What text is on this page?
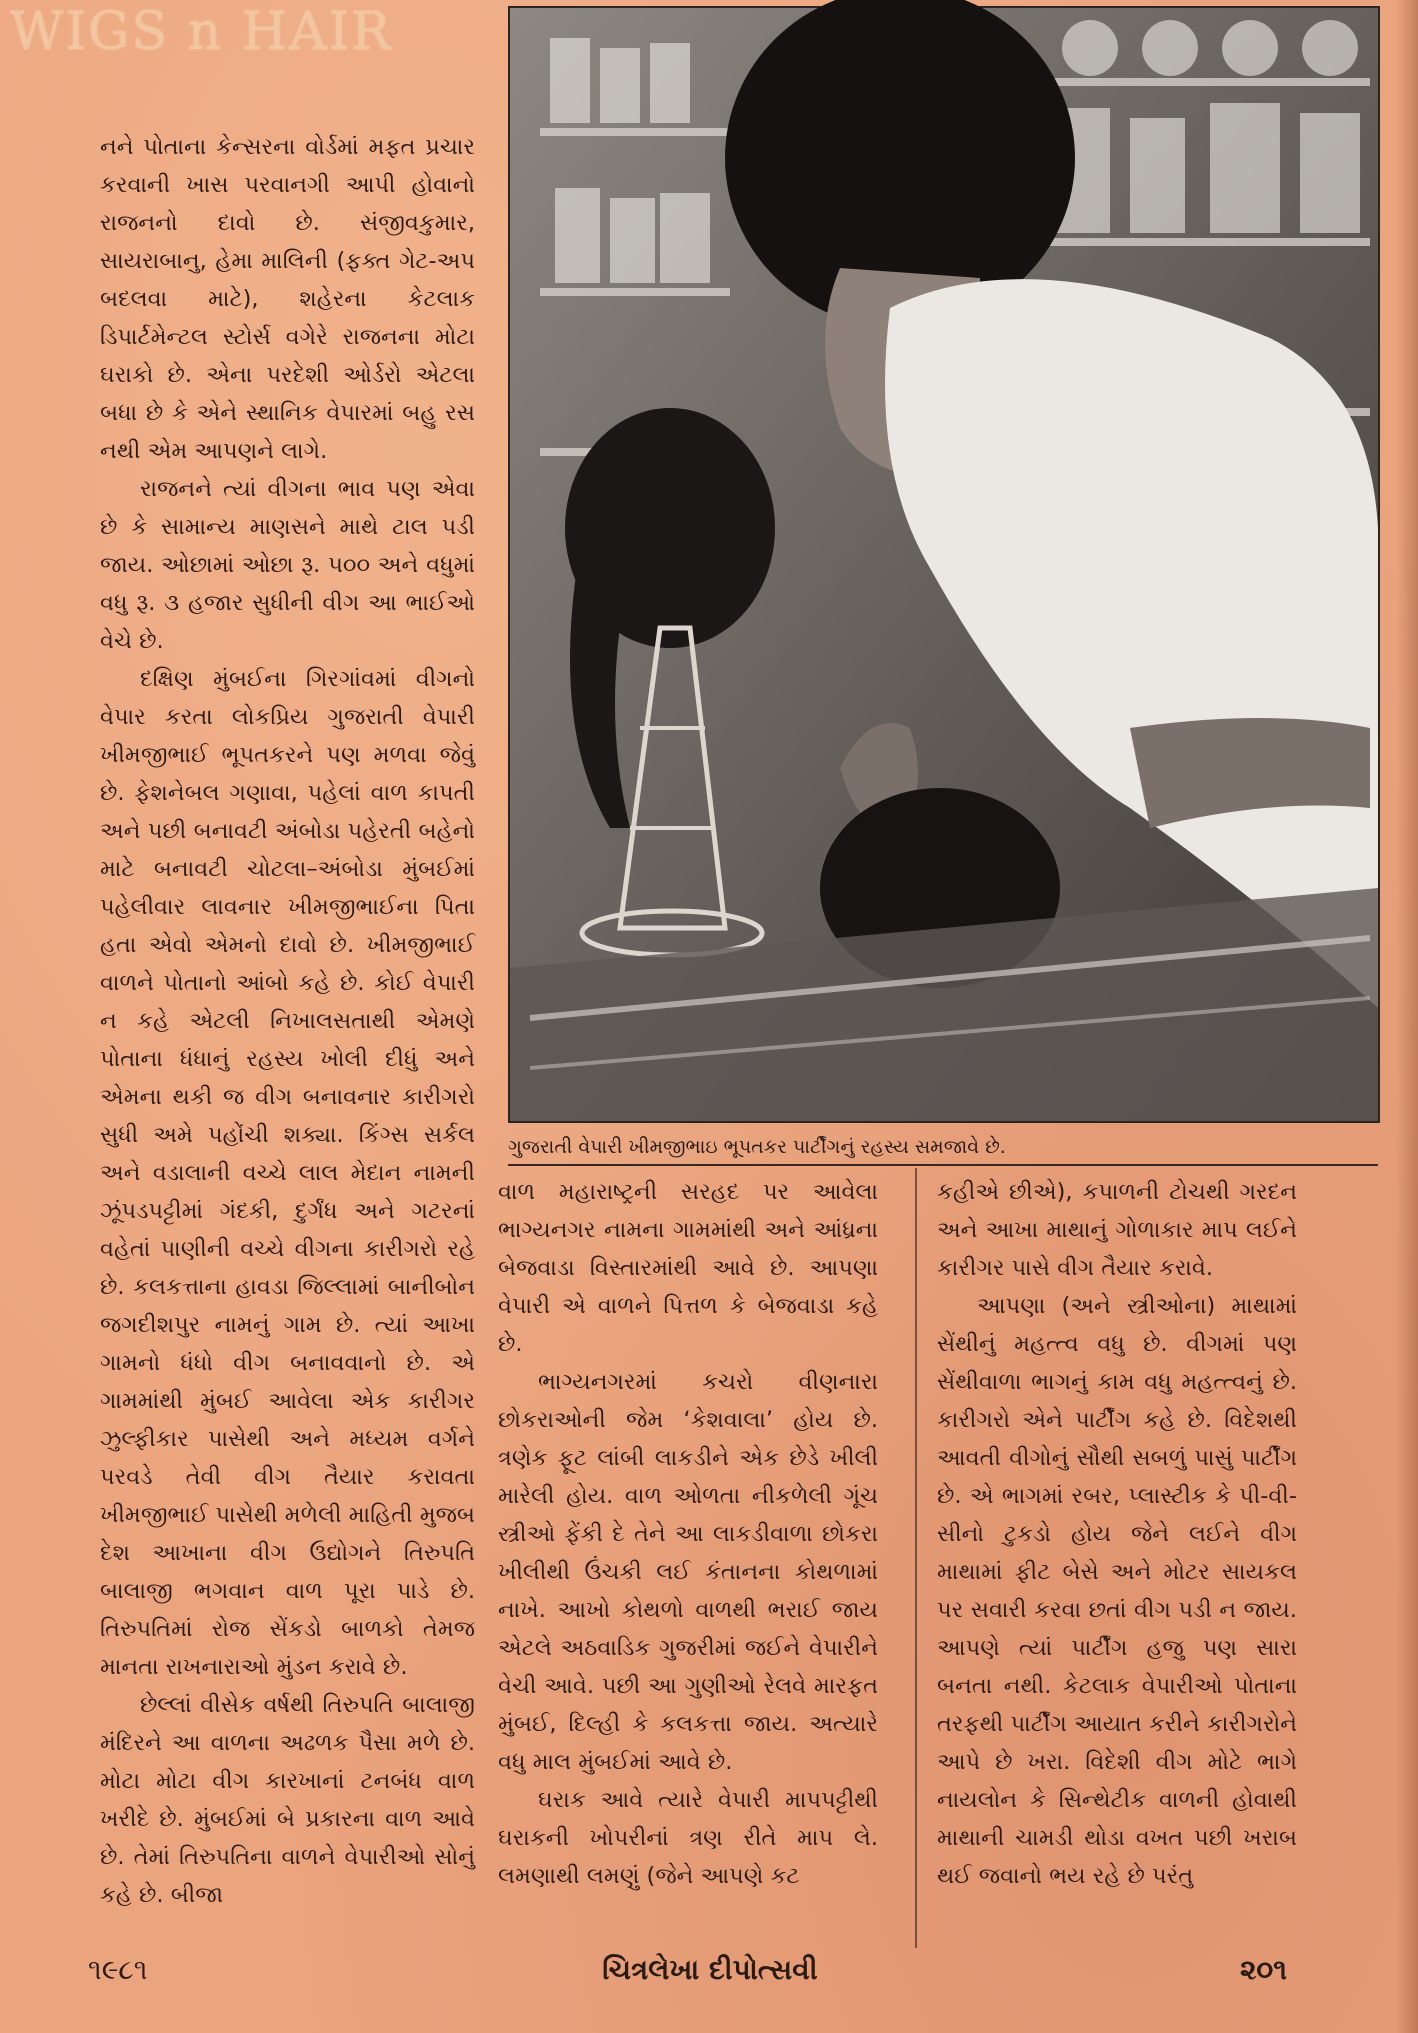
WIGS n HAIR

નને પોતાના કેન્સરના વોર્ડમાં મફત પ્રચાર કરવાની ખાસ પરવાનગી આપી હોવાનો રાજનનો દાવો છે. સંજીવકુમાર, સાયરાબાનુ, હેમા માલિની (ફક્ત ગેટ-અપ બદલવા માટે), શહેરના કેટલાક ડિપાર્ટમેન્ટલ સ્ટોર્સ વગેરે રાજનના મોટા ઘરાકો છે. એના પરદેશી ઓર્ડરો એટલા બધા છે કે એને સ્થાનિક વેપારમાં બહુ રસ નથી એમ આપણને લાગે.

રાજનને ત્યાં વીગના ભાવ પણ એવા છે કે સામાન્ય માણસને માથે ટાલ પડી જાય. ઓછામાં ઓછા રૂ. ૫૦૦ અને વધુમાં વધુ રૂ. ૩ હજાર સુધીની વીગ આ ભાઈઓ વેચે છે.

દક્ષિણ મુંબઈના ગિરગાંવમાં વીગનો વેપાર કરતા લોકપ્રિય ગુજરાતી વેપારી ખીમજીભાઈ ભૂપતકરને પણ મળવા જેવું છે. ફેશનેબલ ગણાવા, પહેલાં વાળ કાપતી અને પછી બનાવટી અંબોડા પહેરતી બહેનો માટે બનાવટી ચોટલા–અંબોડા મુંબઈમાં પહેલીવાર લાવનાર ખીમજીભાઈના પિતા હતા એવો એમનો દાવો છે. ખીમજીભાઈ વાળને પોતાનો આંબો કહે છે. કોઈ વેપારી ન કહે એટલી નિખાલસતાથી એમણે પોતાના ધંધાનું રહસ્ય ખોલી દીધું અને એમના થકી જ વીગ બનાવનાર કારીગરો સુધી અમે પહોંચી શક્યા. કિંગ્સ સર્કલ અને વડાલાની વચ્ચે લાલ મેદાન નામની ઝૂંપડપટ્ટીમાં ગંદકી, દુર્ગંધ અને ગટરનાં વહેતાં પાણીની વચ્ચે વીગના કારીગરો રહે છે. કલકત્તાના હાવડા જિલ્લામાં બાનીબોન જગદીશપુર નામનું ગામ છે. ત્યાં આખા ગામનો ધંધો વીગ બનાવવાનો છે. એ ગામમાંથી મુંબઈ આવેલા એક કારીગર ઝુલ્ફીકાર પાસેથી અને મધ્યમ વર્ગને પરવડે તેવી વીગ તૈયાર કરાવતા ખીમજીભાઈ પાસેથી મળેલી માહિતી મુજબ દેશ આખાના વીગ ઉદ્યોગને તિરુપતિ બાલાજી ભગવાન વાળ પૂરા પાડે છે. તિરુપતિમાં રોજ સેંકડો બાળકો તેમજ માનતા રાખનારાઓ મુંડન કરાવે છે.

છેલ્લાં વીસેક વર્ષથી તિરુપતિ બાલાજી મંદિરને આ વાળના અઢળક પૈસા મળે છે. મોટા મોટા વીગ કારખાનાં ટનબંધ વાળ ખરીદે છે. મુંબઈમાં બે પ્રકારના વાળ આવે છે. તેમાં તિરુપતિના વાળને વેપારીઓ સોનું કહે છે. બીજા

ગુજરાતી વેપારી ખીમજીભાઇ ભૂપતકર પાર્ટીંગનું રહસ્ય સમજાવે છે.

વાળ મહારાષ્ટ્રની સરહદ પર આવેલા ભાગ્યનગર નામના ગામમાંથી અને આંધ્રના બેજવાડા વિસ્તારમાંથી આવે છે. આપણા વેપારી એ વાળને પિત્તળ કે બેજવાડા કહે છે.

ભાગ્યનગરમાં કચરો વીણનારા છોકરાઓની જેમ ‘કેશવાલા’ હોય છે. ત્રણેક ફૂટ લાંબી લાકડીને એક છેડે ખીલી મારેલી હોય. વાળ ઓળતા નીકળેલી ગૂંચ સ્ત્રીઓ ફેંકી દે તેને આ લાકડીવાળા છોકરા ખીલીથી ઉંચકી લઈ કંતાનના કોથળામાં નાખે. આખો કોથળો વાળથી ભરાઈ જાય એટલે અઠવાડિક ગુજરીમાં જઈને વેપારીને વેચી આવે. પછી આ ગુણીઓ રેલવે મારફત મુંબઈ, દિલ્હી કે કલકત્તા જાય. અત્યારે વધુ માલ મુંબઈમાં આવે છે.

ઘરાક આવે ત્યારે વેપારી માપપટ્ટીથી ઘરાકની ખોપરીનાં ત્રણ રીતે માપ લે. લમણાથી લમણું (જેને આપણે કટ

કહીએ છીએ), કપાળની ટોચથી ગરદન અને આખા માથાનું ગોળાકાર માપ લઈને કારીગર પાસે વીગ તૈયાર કરાવે.

આપણા (અને સ્ત્રીઓના) માથામાં સેંથીનું મહત્ત્વ વધુ છે. વીગમાં પણ સેંથીવાળા ભાગનું કામ વધુ મહત્ત્વનું છે. કારીગરો એને પાર્ટીંગ કહે છે. વિદેશથી આવતી વીગોનું સૌથી સબળું પાસું પાર્ટીંગ છે. એ ભાગમાં રબર, પ્લાસ્ટીક કે પી-વી-સીનો ટુકડો હોય જેને લઈને વીગ માથામાં ફીટ બેસે અને મોટર સાયકલ પર સવારી કરવા છતાં વીગ પડી ન જાય. આપણે ત્યાં પાર્ટીંગ હજુ પણ સારા બનતા નથી. કેટલાક વેપારીઓ પોતાના તરફથી પાર્ટીંગ આયાત કરીને કારીગરોને આપે છે ખરા. વિદેશી વીગ મોટે ભાગે નાયલોન કે સિન્થેટીક વાળની હોવાથી માથાની ચામડી થોડા વખત પછી ખરાબ થઈ જવાનો ભય રહે છે પરંતુ

૧૯૮૧	ચિત્રલેખા દીપોત્સવી	૨૦૧
